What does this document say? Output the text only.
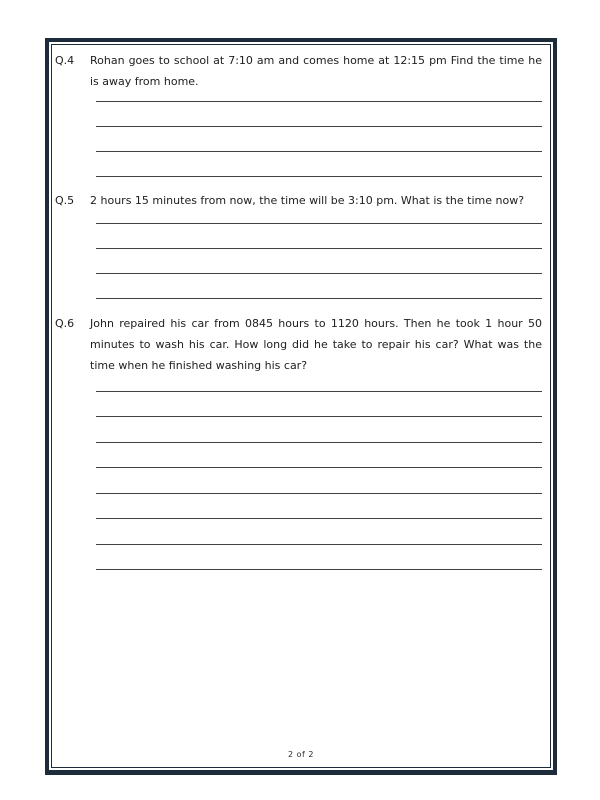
Q.4	Rohan goes to school at 7:10 am and comes home at 12:15 pm Find the time he is away from home.
Q.5	2 hours 15 minutes from now, the time will be 3:10 pm. What is the time now?
Q.6	John repaired his car from 0845 hours to 1120 hours. Then he took 1 hour 50 minutes to wash his car. How long did he take to repair his car? What was the time when he finished washing his car?
2 of 2
